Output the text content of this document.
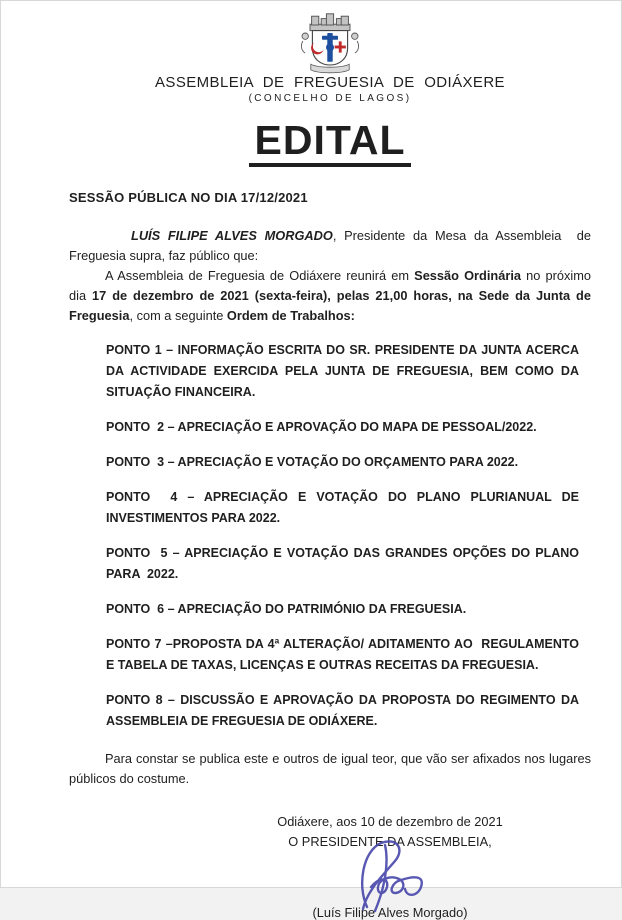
ASSEMBLEIA DE FREGUESIA DE ODIÁXERE
(CONCELHO DE LAGOS)
EDITAL
SESSÃO PÚBLICA NO DIA 17/12/2021

LUÍS FILIPE ALVES MORGADO, Presidente da Mesa da Assembleia  de Freguesia supra, faz público que:

A Assembleia de Freguesia de Odiáxere reunirá em Sessão Ordinária no próximo dia 17 de dezembro de 2021 (sexta-feira), pelas 21,00 horas, na Sede da Junta de Freguesia, com a seguinte Ordem de Trabalhos:

PONTO 1 – INFORMAÇÃO ESCRITA DO SR. PRESIDENTE DA JUNTA ACERCA    DA ACTIVIDADE EXERCIDA PELA JUNTA DE FREGUESIA, BEM COMO DA SITUAÇÃO FINANCEIRA.

PONTO  2 – APRECIAÇÃO E APROVAÇÃO DO MAPA DE PESSOAL/2022.

PONTO  3 – APRECIAÇÃO E VOTAÇÃO DO ORÇAMENTO PARA 2022.

PONTO  4 – APRECIAÇÃO E VOTAÇÃO DO PLANO PLURIANUAL DE INVESTIMENTOS PARA 2022.

PONTO  5 – APRECIAÇÃO E VOTAÇÃO DAS GRANDES OPÇÕES DO PLANO PARA  2022.

PONTO  6 – APRECIAÇÃO DO PATRIMÓNIO DA FREGUESIA.

PONTO 7 –PROPOSTA DA 4ª ALTERAÇÃO/ ADITAMENTO AO  REGULAMENTO     E TABELA DE TAXAS, LICENÇAS E OUTRAS RECEITAS DA FREGUESIA.

PONTO 8 – DISCUSSÃO E APROVAÇÃO DA PROPOSTA DO REGIMENTO DA ASSEMBLEIA DE FREGUESIA DE ODIÁXERE.

Para constar se publica este e outros de igual teor, que vão ser afixados nos lugares públicos do costume.

Odiáxere, aos 10 de dezembro de 2021
O PRESIDENTE DA ASSEMBLEIA,
(Luís Filipe Alves Morgado)
